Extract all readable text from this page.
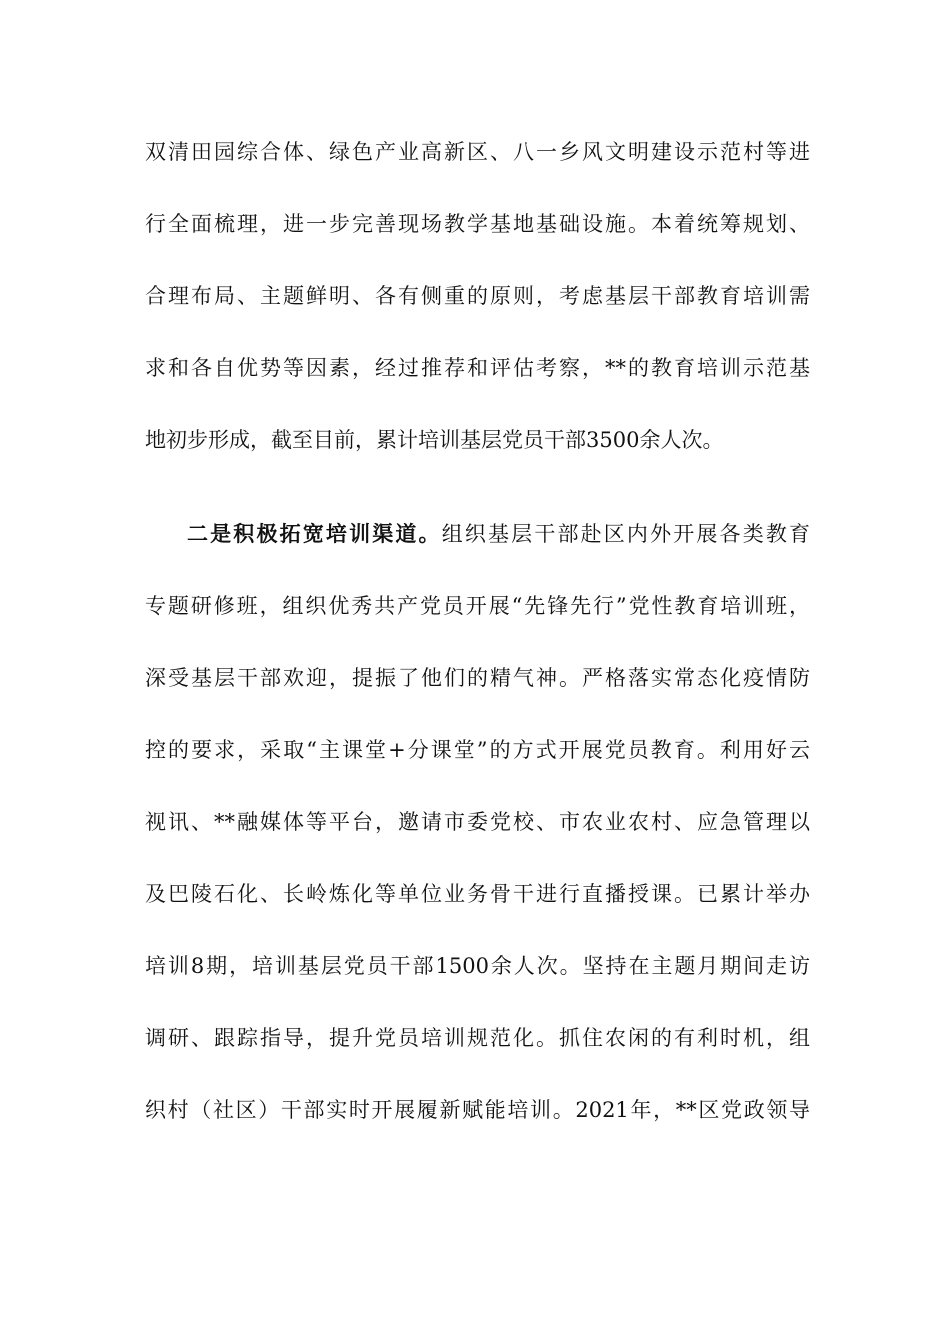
双清田园综合体、绿色产业高新区、八一乡风文明建设示范村等进
行全面梳理，进一步完善现场教学基地基础设施。本着统筹规划、
合理布局、主题鲜明、各有侧重的原则，考虑基层干部教育培训需
求和各自优势等因素，经过推荐和评估考察，**的教育培训示范基
地初步形成，截至目前，累计培训基层党员干部3500余人次。
二是积极拓宽培训渠道。组织基层干部赴区内外开展各类教育
专题研修班，组织优秀共产党员开展“先锋先行”党性教育培训班，
深受基层干部欢迎，提振了他们的精气神。严格落实常态化疫情防
控的要求，采取“主课堂+分课堂”的方式开展党员教育。利用好云
视讯、**融媒体等平台，邀请市委党校、市农业农村、应急管理以
及巴陵石化、长岭炼化等单位业务骨干进行直播授课。已累计举办
培训8期，培训基层党员干部1500余人次。坚持在主题月期间走访
调研、跟踪指导，提升党员培训规范化。抓住农闲的有利时机，组
织村（社区）干部实时开展履新赋能培训。2021年，**区党政领导
